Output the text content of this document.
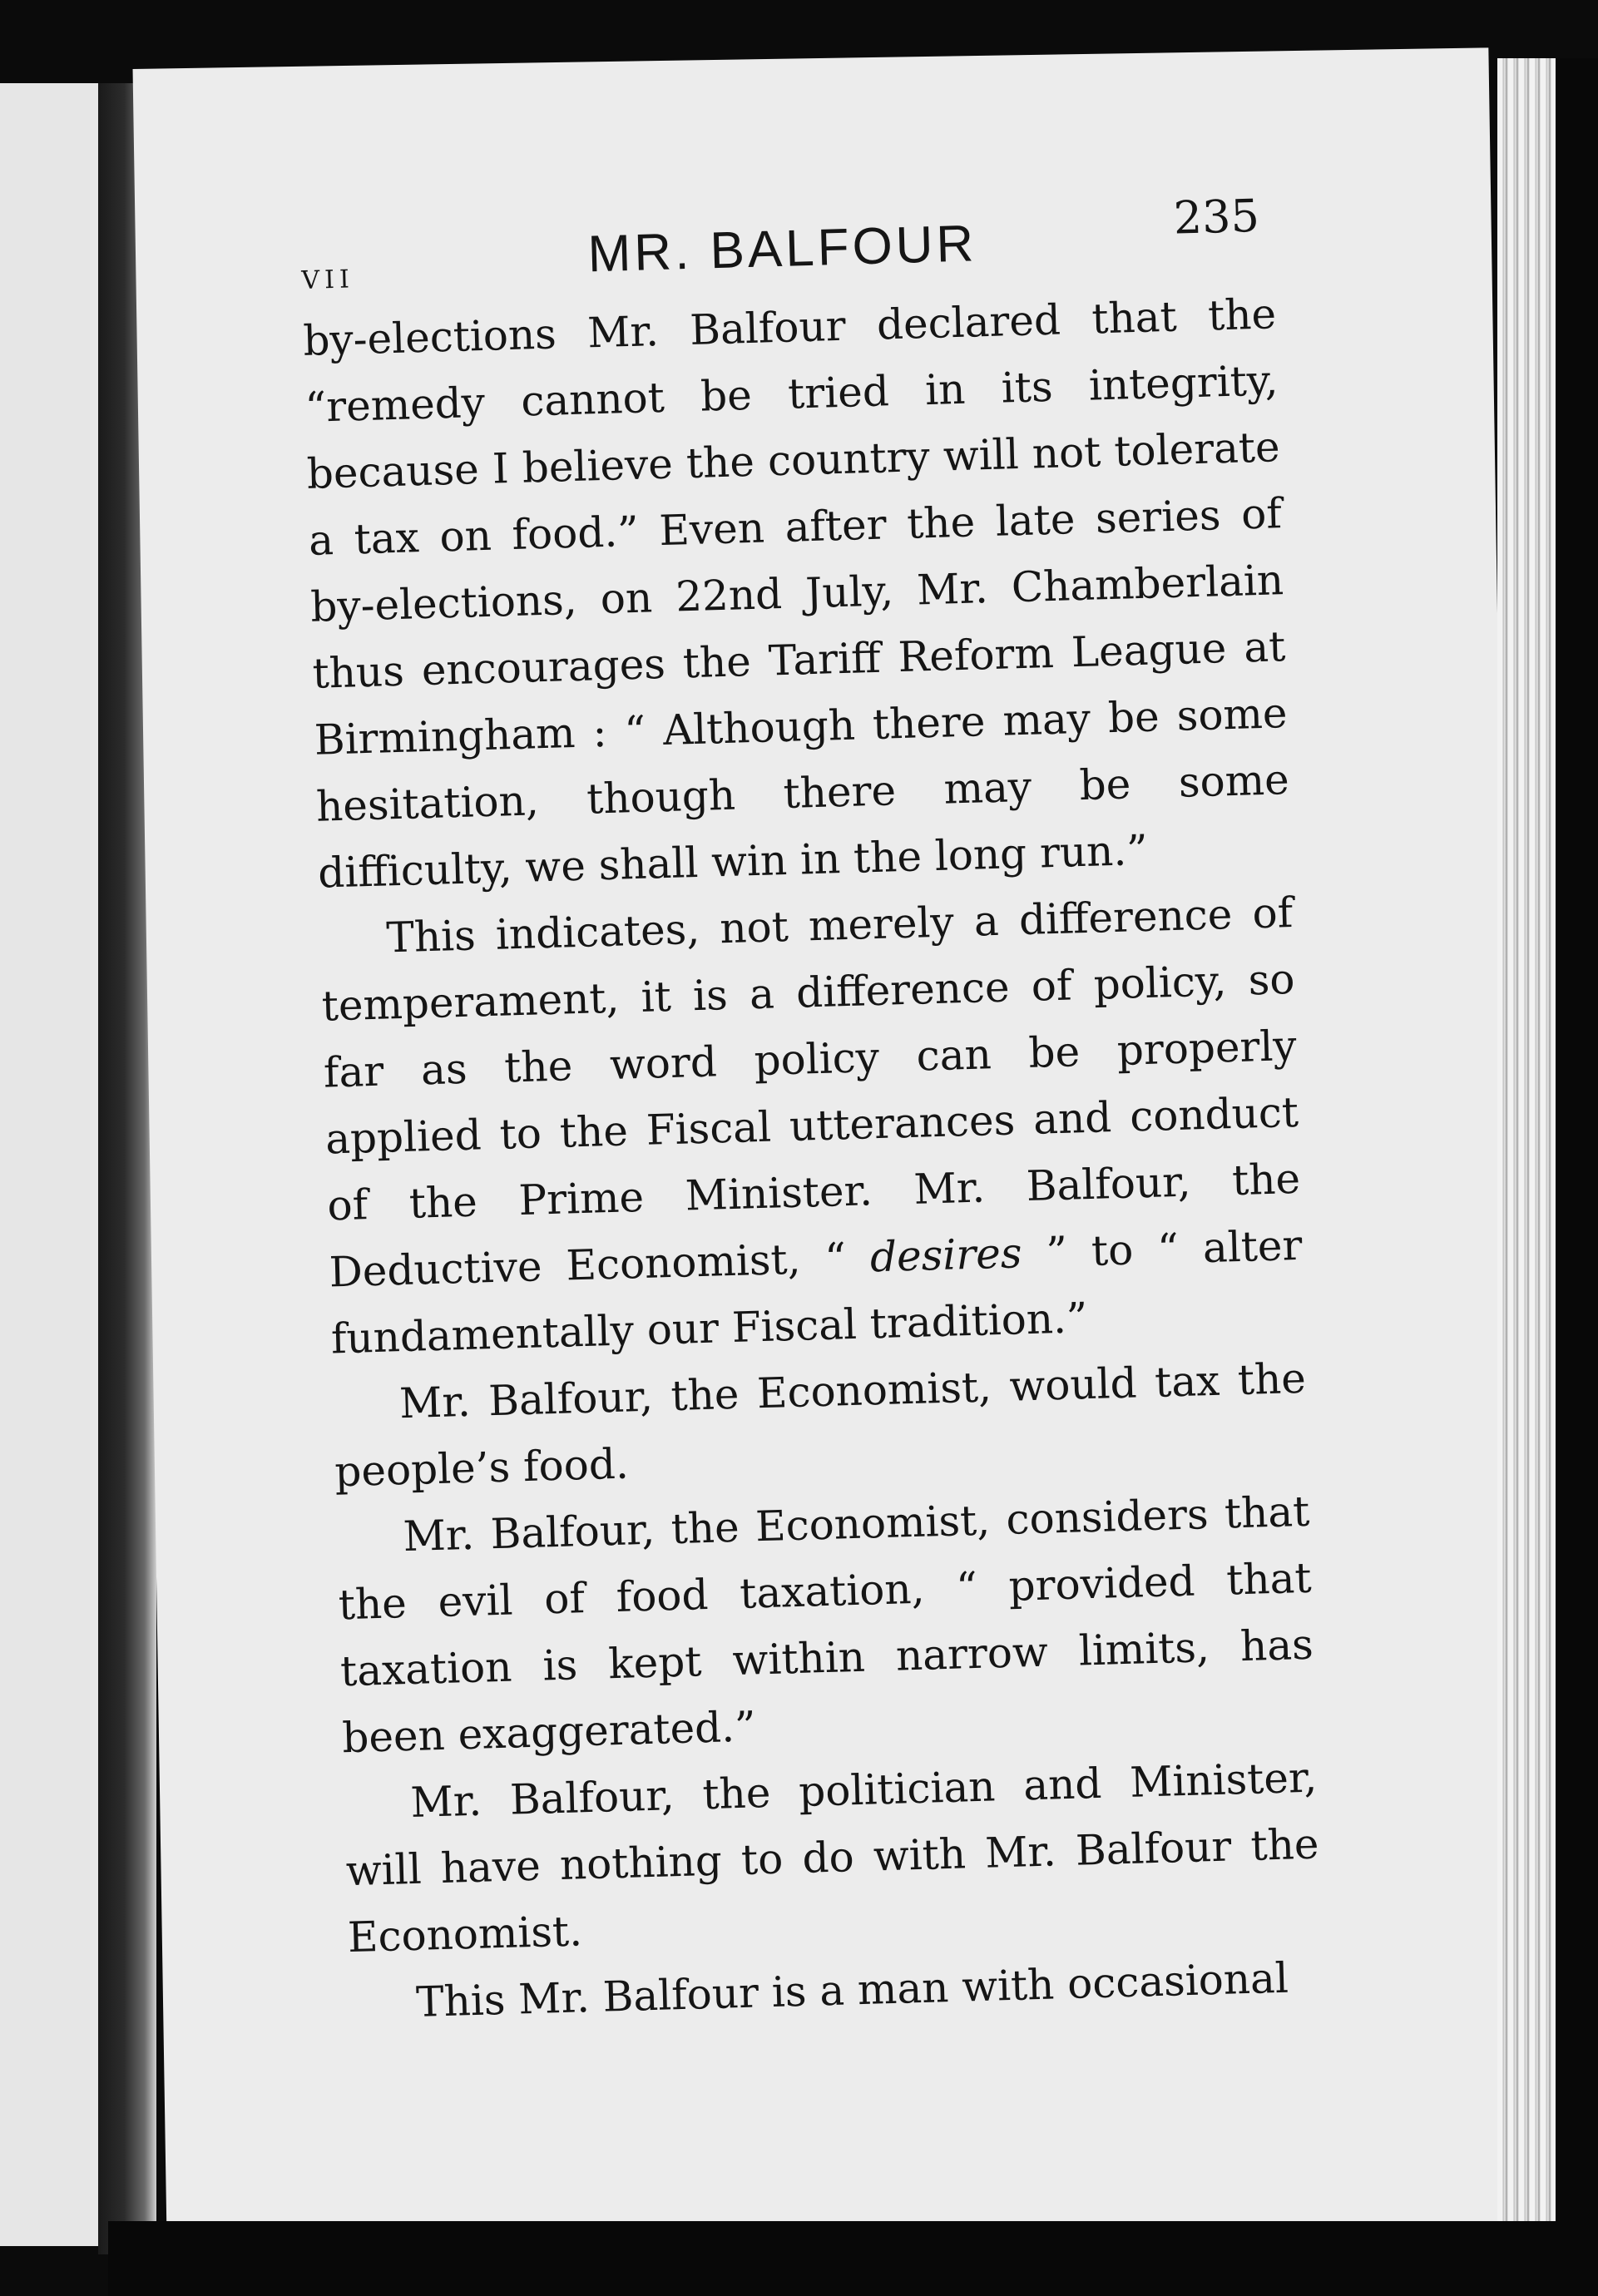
VII	MR. BALFOUR	235

by-elections Mr. Balfour declared that the “remedy cannot be tried in its integrity, because I believe the country will not tolerate a tax on food.” Even after the late series of by-elections, on 22nd July, Mr. Chamberlain thus encourages the Tariff Reform League at Birmingham : “ Although there may be some hesitation, though there may be some difficulty, we shall win in the long run.”

This indicates, not merely a difference of temperament, it is a difference of policy, so far as the word policy can be properly applied to the Fiscal utterances and conduct of the Prime Minister. Mr. Balfour, the Deductive Economist, “ desires ” to “ alter fundamentally our Fiscal tradition.”

Mr. Balfour, the Economist, would tax the people’s food.

Mr. Balfour, the Economist, considers that the evil of food taxation, “ provided that taxation is kept within narrow limits, has been exaggerated.”

Mr. Balfour, the politician and Minister, will have nothing to do with Mr. Balfour the Economist.

This Mr. Balfour is a man with occasional
